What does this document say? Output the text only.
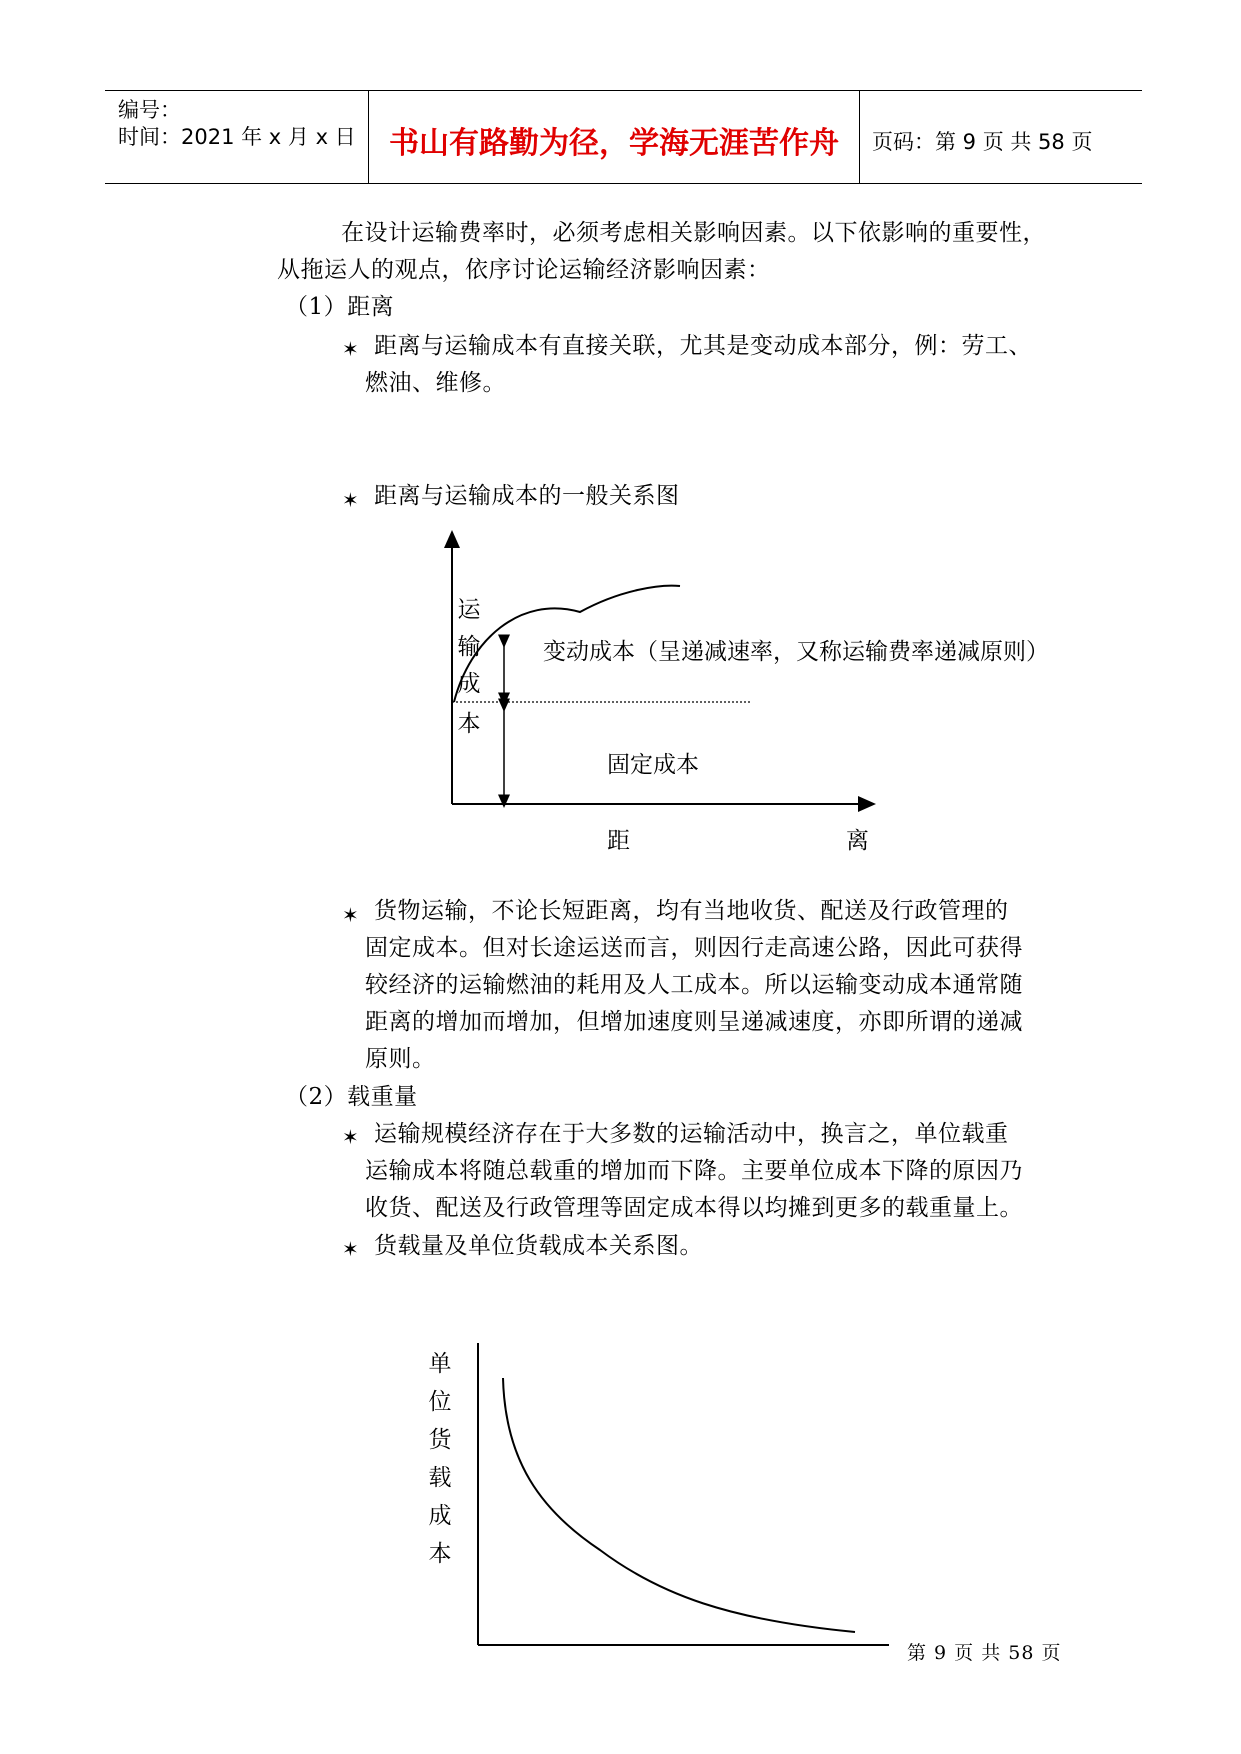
编号：
时间：2021 年 x 月 x 日	书山有路勤为径，学海无涯苦作舟	页码：第 9 页 共 58 页
在设计运输费率时，必须考虑相关影响因素。以下依影响的重要性，
从拖运人的观点，依序讨论运输经济影响因素：
（1）距离
✶ 距离与运输成本有直接关联，尤其是变动成本部分，例：劳工、
燃油、维修。
✶ 距离与运输成本的一般关系图
运
输
成
本
变动成本（呈递减速率，又称运输费率递减原则）
固定成本
距	离
✶ 货物运输，不论长短距离，均有当地收货、配送及行政管理的
固定成本。但对长途运送而言，则因行走高速公路，因此可获得
较经济的运输燃油的耗用及人工成本。所以运输变动成本通常随
距离的增加而增加，但增加速度则呈递减速度，亦即所谓的递减
原则。
（2）载重量
✶ 运输规模经济存在于大多数的运输活动中，换言之，单位载重
运输成本将随总载重的增加而下降。主要单位成本下降的原因乃
收货、配送及行政管理等固定成本得以均摊到更多的载重量上。
✶ 货载量及单位货载成本关系图。
单
位
货
载
成
本
第 9 页 共 58 页
